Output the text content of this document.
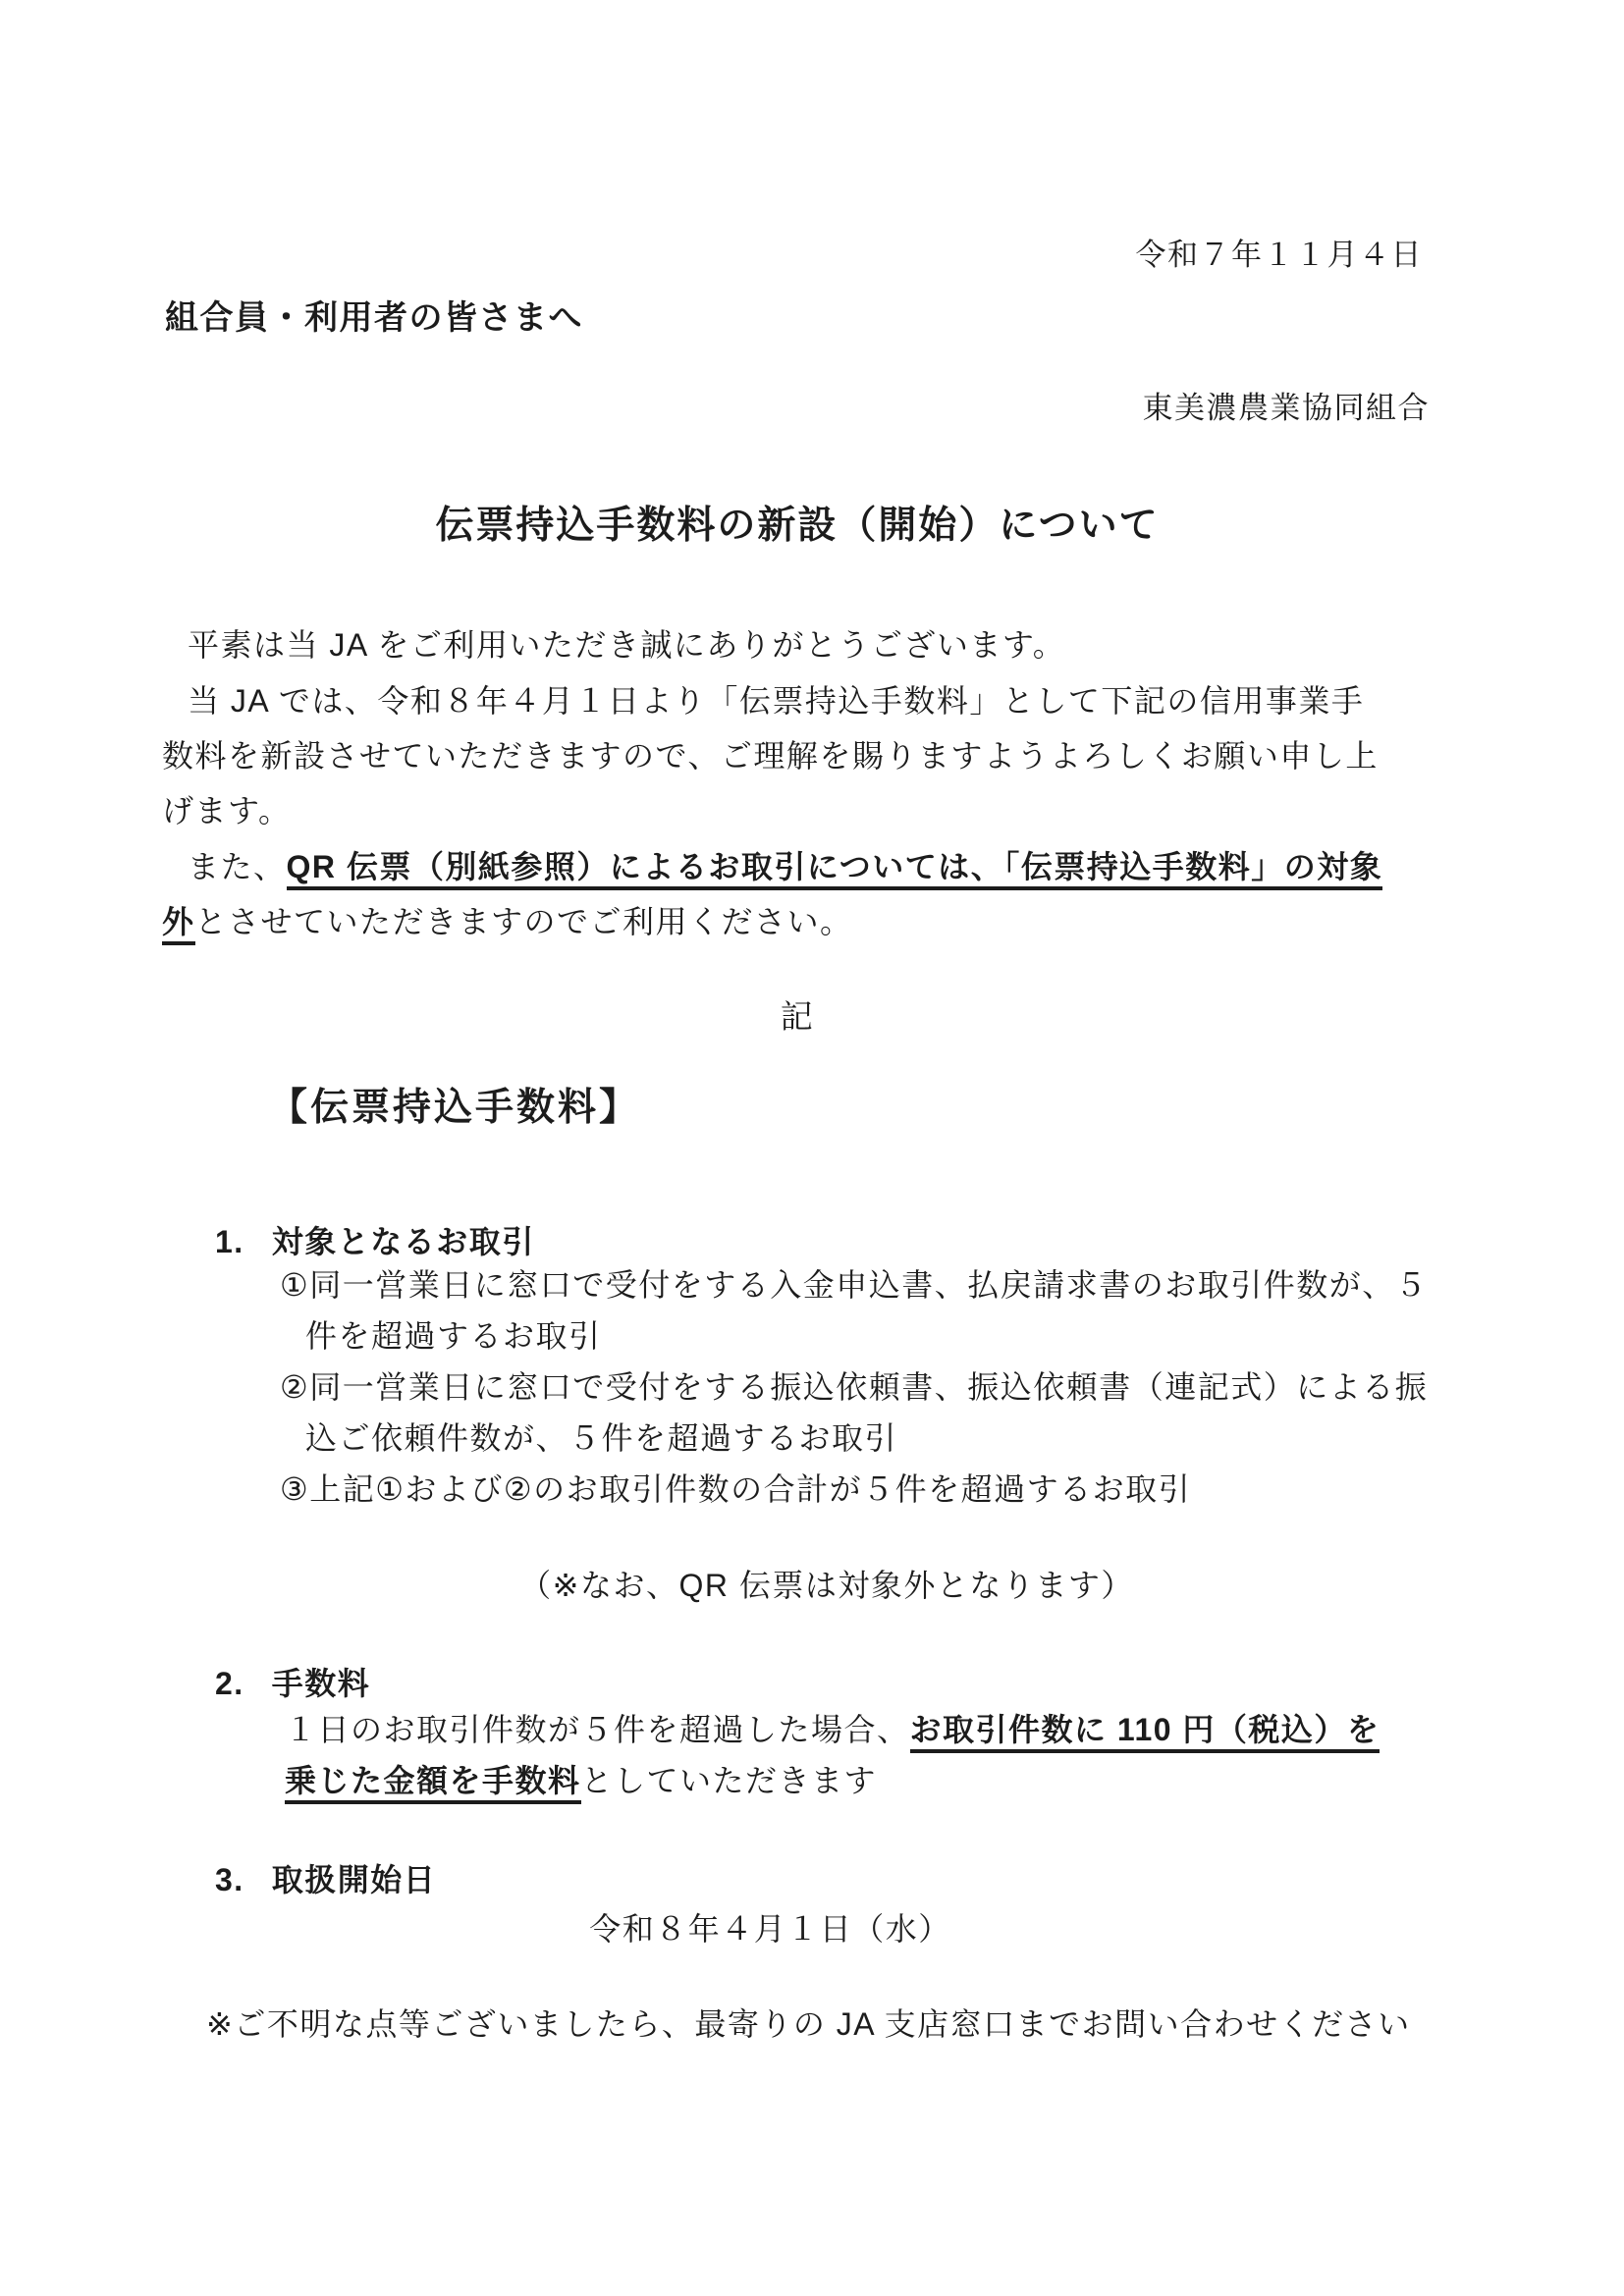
令和７年１１月４日
組合員・利用者の皆さまへ
東美濃農業協同組合
伝票持込手数料の新設（開始）について
平素は当 JA をご利用いただき誠にありがとうございます。
当 JA では、令和８年４月１日より「伝票持込手数料」として下記の信用事業手
数料を新設させていただきますので、ご理解を賜りますようよろしくお願い申し上
げます。
また、QR 伝票（別紙参照）によるお取引については、「伝票持込手数料」の対象
外とさせていただきますのでご利用ください。
記
【伝票持込手数料】
1. 対象となるお取引
①同一営業日に窓口で受付をする入金申込書、払戻請求書のお取引件数が、５
件を超過するお取引
②同一営業日に窓口で受付をする振込依頼書、振込依頼書（連記式）による振
込ご依頼件数が、５件を超過するお取引
③上記①および②のお取引件数の合計が５件を超過するお取引
（※なお、QR 伝票は対象外となります）
2. 手数料
１日のお取引件数が５件を超過した場合、お取引件数に 110 円（税込）を
乗じた金額を手数料としていただきます
3. 取扱開始日
令和８年４月１日（水）
※ご不明な点等ございましたら、最寄りの JA 支店窓口までお問い合わせください
